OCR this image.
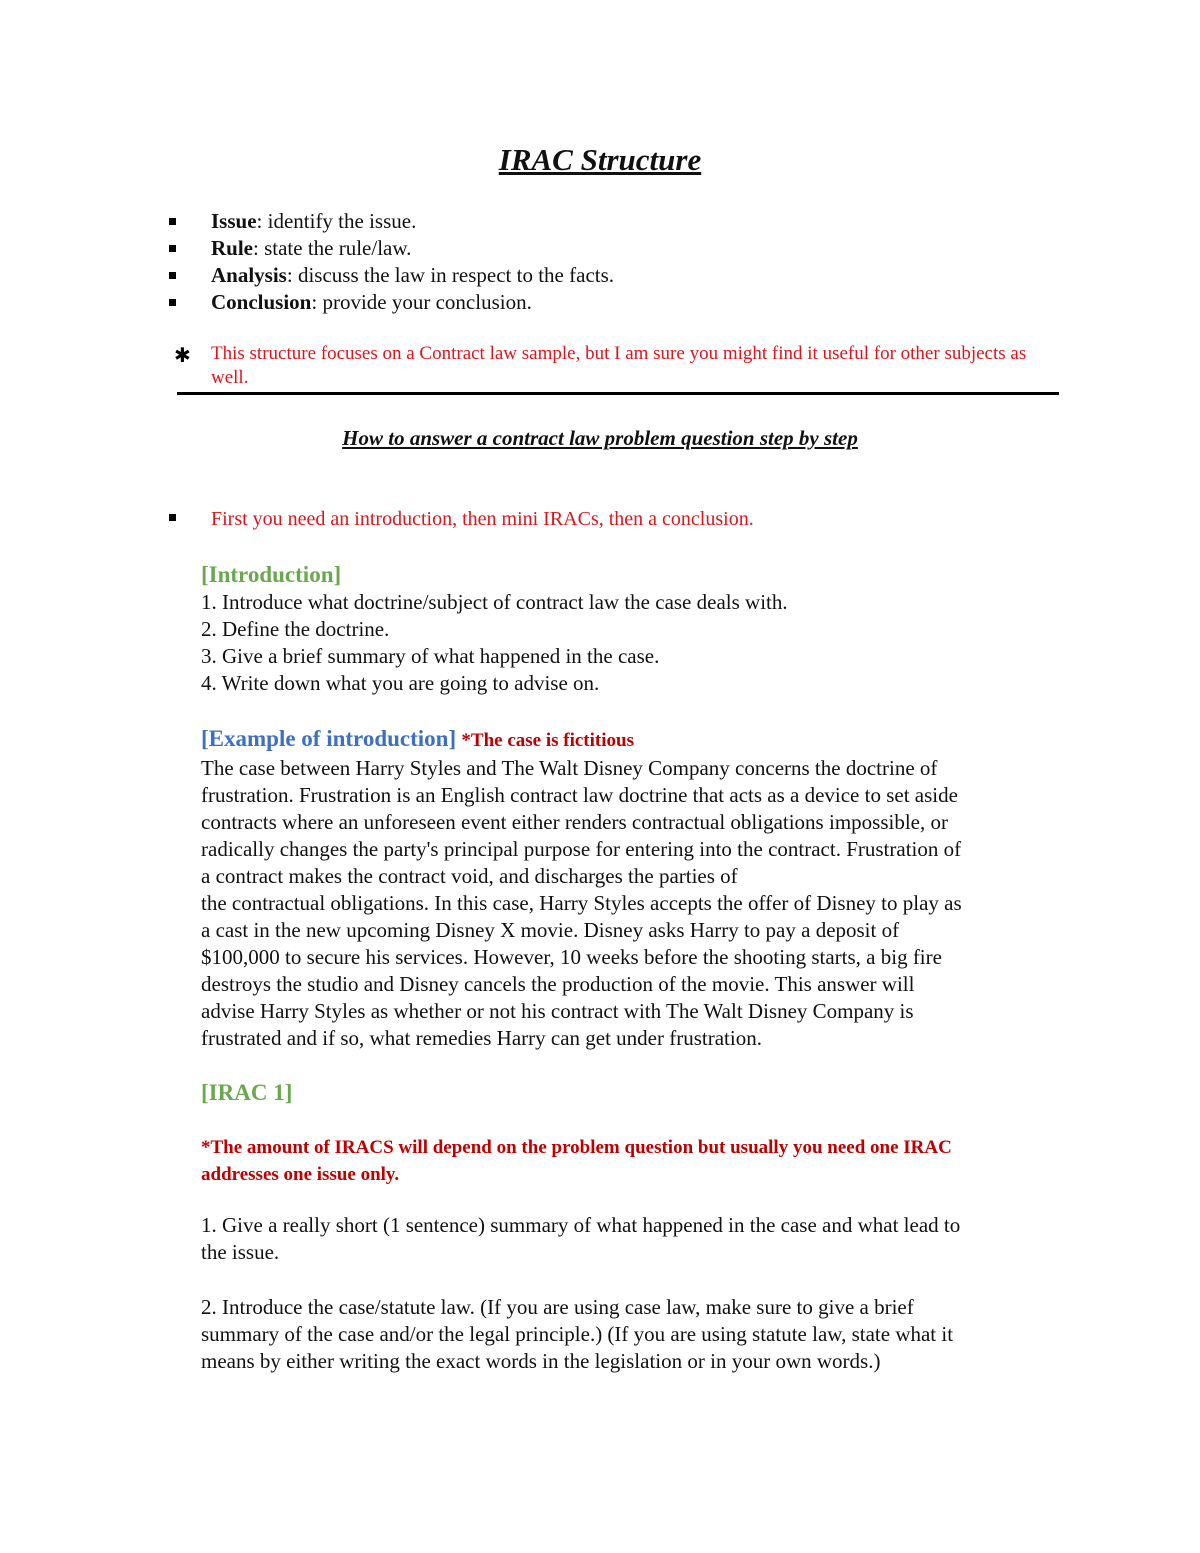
IRAC Structure
Issue: identify the issue.
Rule: state the rule/law.
Analysis: discuss the law in respect to the facts.
Conclusion: provide your conclusion.
✱ This structure focuses on a Contract law sample, but I am sure you might find it useful for other subjects as well.
How to answer a contract law problem question step by step
First you need an introduction, then mini IRACs, then a conclusion.
[Introduction]
1. Introduce what doctrine/subject of contract law the case deals with.
2. Define the doctrine.
3. Give a brief summary of what happened in the case.
4. Write down what you are going to advise on.
[Example of introduction] *The case is fictitious
The case between Harry Styles and The Walt Disney Company concerns the doctrine of
frustration. Frustration is an English contract law doctrine that acts as a device to set aside
contracts where an unforeseen event either renders contractual obligations impossible, or
radically changes the party's principal purpose for entering into the contract. Frustration of
a contract makes the contract void, and discharges the parties of
the contractual obligations. In this case, Harry Styles accepts the offer of Disney to play as
a cast in the new upcoming Disney X movie. Disney asks Harry to pay a deposit of
$100,000 to secure his services. However, 10 weeks before the shooting starts, a big fire
destroys the studio and Disney cancels the production of the movie. This answer will
advise Harry Styles as whether or not his contract with The Walt Disney Company is
frustrated and if so, what remedies Harry can get under frustration.
[IRAC 1]
*The amount of IRACS will depend on the problem question but usually you need one IRAC
addresses one issue only.
1. Give a really short (1 sentence) summary of what happened in the case and what lead to
the issue.
2. Introduce the case/statute law. (If you are using case law, make sure to give a brief
summary of the case and/or the legal principle.) (If you are using statute law, state what it
means by either writing the exact words in the legislation or in your own words.)
